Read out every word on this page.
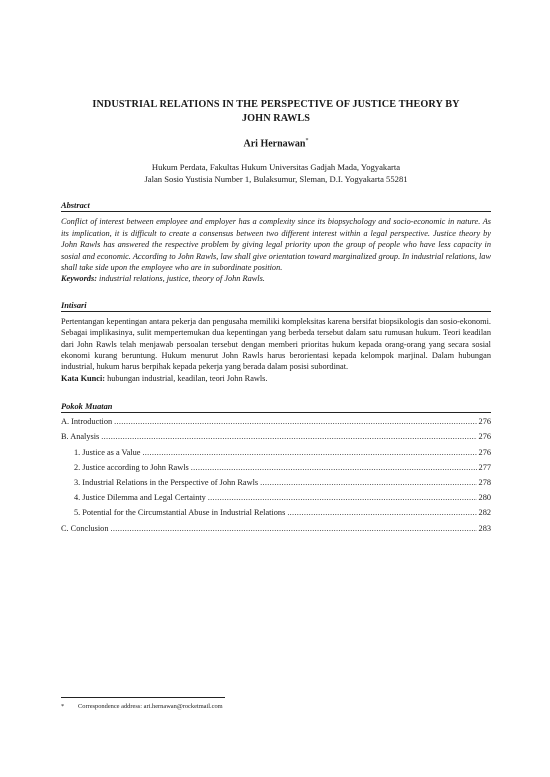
INDUSTRIAL RELATIONS IN THE PERSPECTIVE OF JUSTICE THEORY BY
JOHN RAWLS
Ari Hernawan*
Hukum Perdata, Fakultas Hukum Universitas Gadjah Mada, Yogyakarta
Jalan Sosio Yustisia Number 1, Bulaksumur, Sleman, D.I. Yogyakarta 55281
Abstract
Conflict of interest between employee and employer has a complexity since its biopsychology and socio-economic in nature. As its implication, it is difficult to create a consensus between two different interest within a legal perspective. Justice theory by John Rawls has answered the respective problem by giving legal priority upon the group of people who have less capacity in sosial and economic. According to John Rawls, law shall give orientation toward marginalized group. In industrial relations, law shall take side upon the employee who are in subordinate position.
Keywords: industrial relations, justice, theory of John Rawls.
Intisari
Pertentangan kepentingan antara pekerja dan pengusaha memiliki kompleksitas karena bersifat biopsikologis dan sosio-ekonomi. Sebagai implikasinya, sulit mempertemukan dua kepentingan yang berbeda tersebut dalam satu rumusan hukum. Teori keadilan dari John Rawls telah menjawab persoalan tersebut dengan memberi prioritas hukum kepada orang-orang yang secara sosial ekonomi kurang beruntung. Hukum menurut John Rawls harus berorientasi kepada kelompok marjinal. Dalam hubungan industrial, hukum harus berpihak kepada pekerja yang berada dalam posisi subordinat.
Kata Kunci: hubungan industrial, keadilan, teori John Rawls.
Pokok Muatan
A. Introduction .....	276
B. Analysis .....	276
1. Justice as a Value .....	276
2. Justice according to John Rawls .....	277
3. Industrial Relations in the Perspective of John Rawls .....	278
4. Justice Dilemma and Legal Certainty .....	280
5. Potential for the Circumstantial Abuse in Industrial Relations .....	282
C. Conclusion .....	283
* Correspondence address: ari.hernawan@rocketmail.com
